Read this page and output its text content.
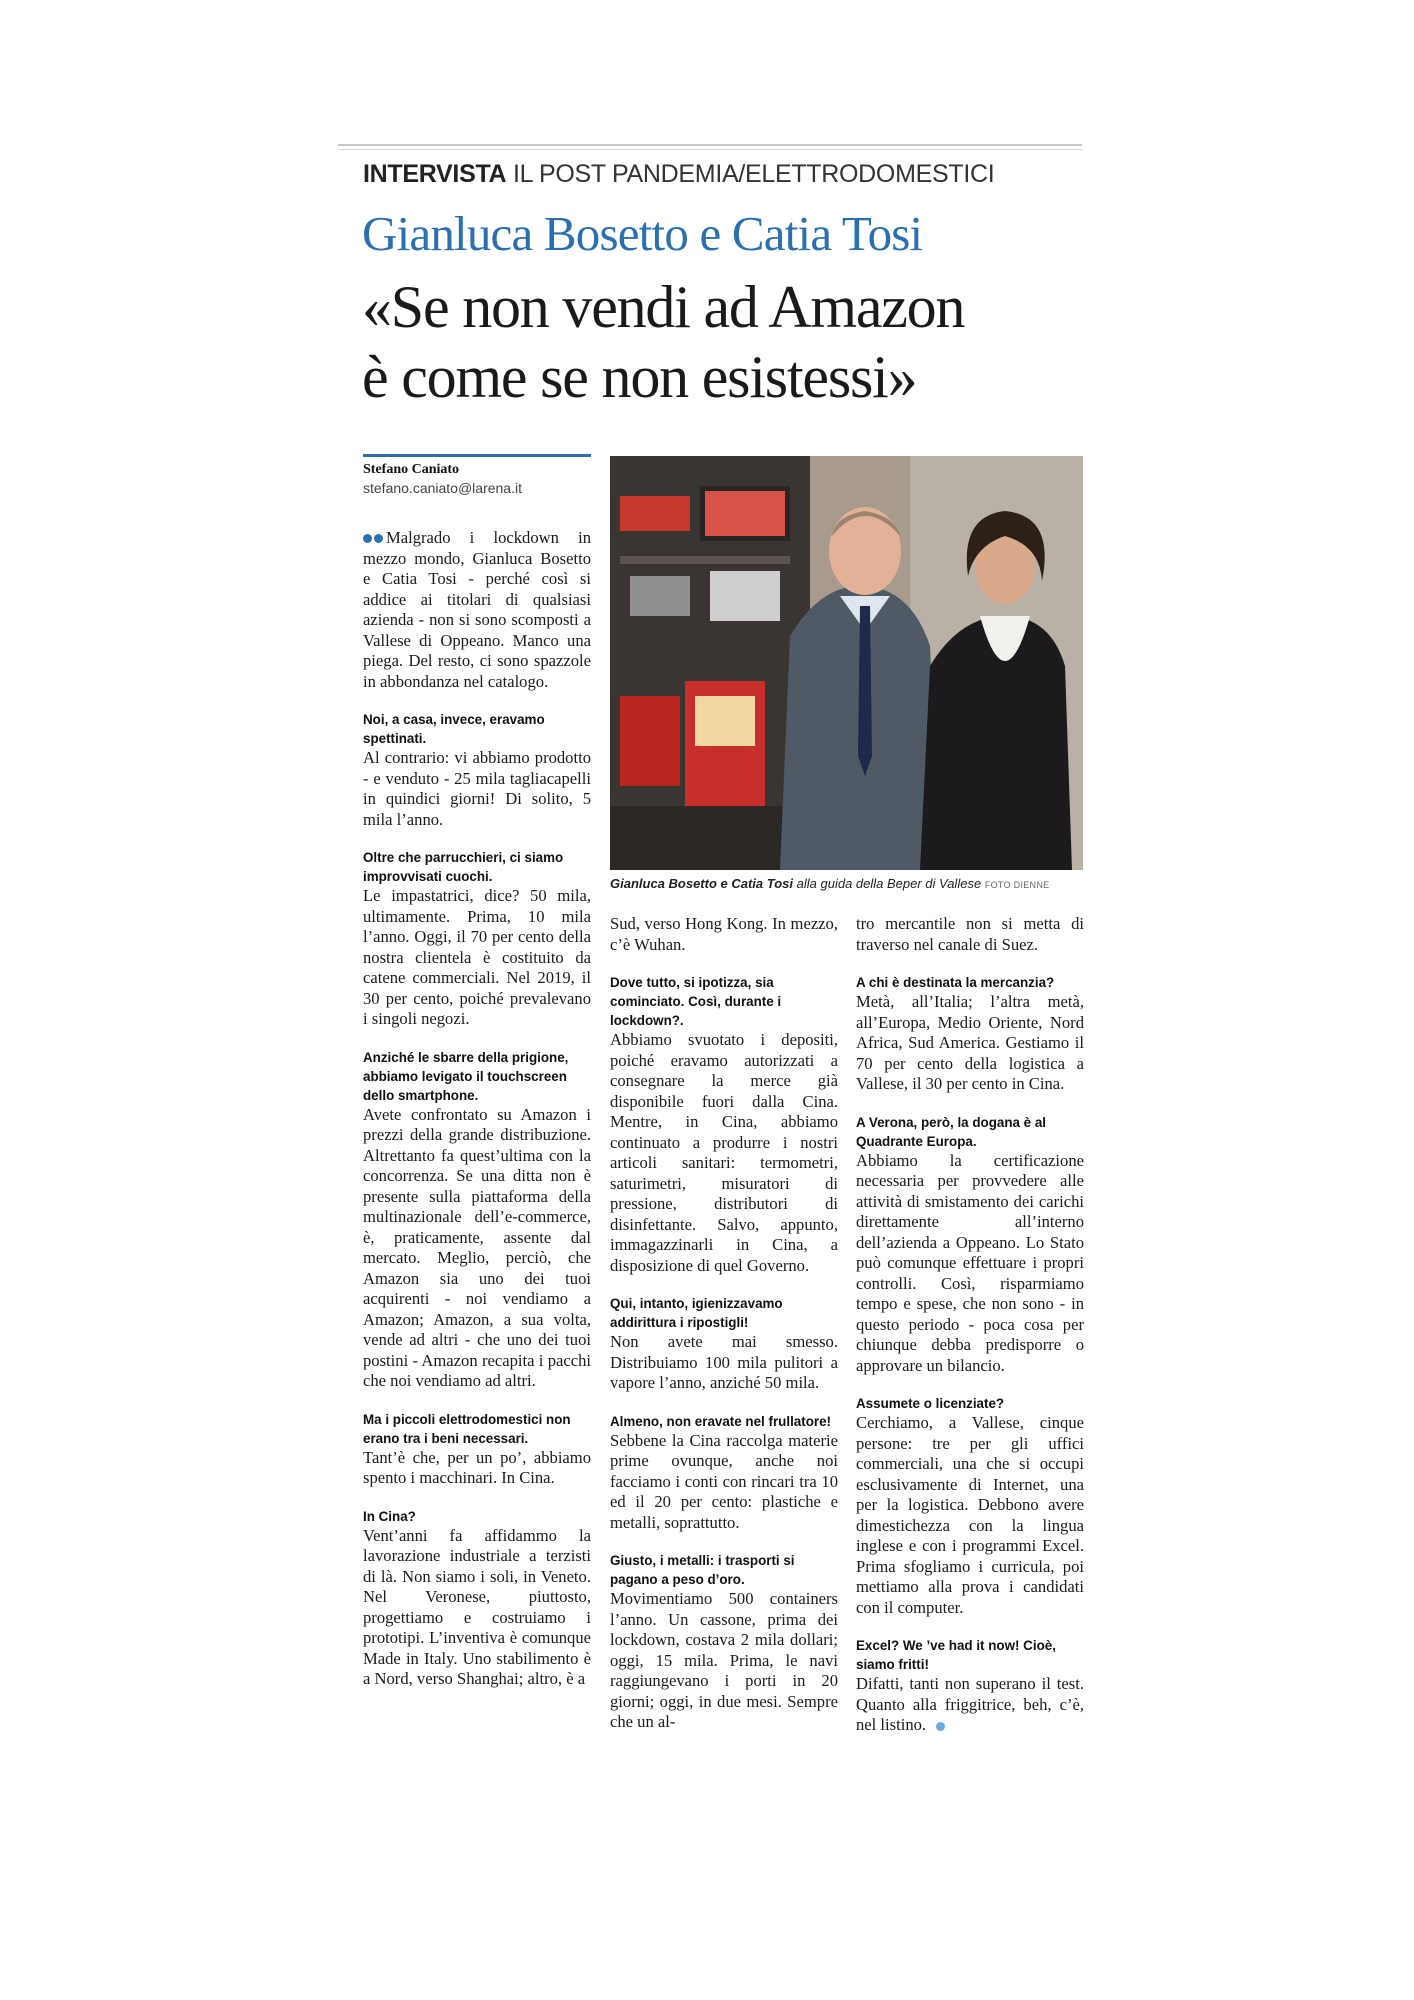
INTERVISTA IL POST PANDEMIA/ELETTRODOMESTICI
Gianluca Bosetto e Catia Tosi
«Se non vendi ad Amazon
è come se non esistessi»
Stefano Caniato
stefano.caniato@larena.it
Gianluca Bosetto e Catia Tosi alla guida della Beper di Vallese FOTO DIENNE

Malgrado i lockdown in mezzo mondo, Gianluca Bosetto e Catia Tosi - perché così si addice ai titolari di qualsiasi azienda - non si sono scomposti a Vallese di Oppeano. Manco una piega. Del resto, ci sono spazzole in abbondanza nel catalogo.

Noi, a casa, invece, eravamo spettinati.

Al contrario: vi abbiamo prodotto - e venduto - 25 mila tagliacapelli in quindici giorni! Di solito, 5 mila l’anno.

Oltre che parrucchieri, ci siamo improvvisati cuochi.

Le impastatrici, dice? 50 mila, ultimamente. Prima, 10 mila l’anno. Oggi, il 70 per cento della nostra clientela è costituito da catene commerciali. Nel 2019, il 30 per cento, poiché prevalevano i singoli negozi.

Anziché le sbarre della prigione, abbiamo levigato il touchscreen dello smartphone.

Avete confrontato su Amazon i prezzi della grande distribuzione. Altrettanto fa quest’ultima con la concorrenza. Se una ditta non è presente sulla piattaforma della multinazionale dell’e-commerce, è, praticamente, assente dal mercato. Meglio, perciò, che Amazon sia uno dei tuoi acquirenti - noi vendiamo a Amazon; Amazon, a sua volta, vende ad altri - che uno dei tuoi postini - Amazon recapita i pacchi che noi vendiamo ad altri.

Ma i piccoli elettrodomestici non erano tra i beni necessari.

Tant’è che, per un po’, abbiamo spento i macchinari. In Cina.

In Cina?

Vent’anni fa affidammo la lavorazione industriale a terzisti di là. Non siamo i soli, in Veneto. Nel Veronese, piuttosto, progettiamo e costruiamo i prototipi. L’inventiva è comunque Made in Italy. Uno stabilimento è a Nord, verso Shanghai; altro, è a

Sud, verso Hong Kong. In mezzo, c’è Wuhan.

Dove tutto, si ipotizza, sia cominciato. Così, durante i lockdown?.

Abbiamo svuotato i depositi, poiché eravamo autorizzati a consegnare la merce già disponibile fuori dalla Cina. Mentre, in Cina, abbiamo continuato a produrre i nostri articoli sanitari: termometri, saturimetri, misuratori di pressione, distributori di disinfettante. Salvo, appunto, immagazzinarli in Cina, a disposizione di quel Governo.

Qui, intanto, igienizzavamo addirittura i ripostigli!

Non avete mai smesso. Distribuiamo 100 mila pulitori a vapore l’anno, anziché 50 mila.

Almeno, non eravate nel frullatore!

Sebbene la Cina raccolga materie prime ovunque, anche noi facciamo i conti con rincari tra 10 ed il 20 per cento: plastiche e metalli, soprattutto.

Giusto, i metalli: i trasporti si pagano a peso d’oro.

Movimentiamo 500 containers l’anno. Un cassone, prima dei lockdown, costava 2 mila dollari; oggi, 15 mila. Prima, le navi raggiungevano i porti in 20 giorni; oggi, in due mesi. Sempre che un al-

tro mercantile non si metta di traverso nel canale di Suez.

A chi è destinata la mercanzia?

Metà, all’Italia; l’altra metà, all’Europa, Medio Oriente, Nord Africa, Sud America. Gestiamo il 70 per cento della logistica a Vallese, il 30 per cento in Cina.

A Verona, però, la dogana è al Quadrante Europa.

Abbiamo la certificazione necessaria per provvedere alle attività di smistamento dei carichi direttamente all’interno dell’azienda a Oppeano. Lo Stato può comunque effettuare i propri controlli. Così, risparmiamo tempo e spese, che non sono - in questo periodo - poca cosa per chiunque debba predisporre o approvare un bilancio.

Assumete o licenziate?

Cerchiamo, a Vallese, cinque persone: tre per gli uffici commerciali, una che si occupi esclusivamente di Internet, una per la logistica. Debbono avere dimestichezza con la lingua inglese e con i programmi Excel. Prima sfogliamo i curricula, poi mettiamo alla prova i candidati con il computer.

Excel? We ’ve had it now! Cioè, siamo fritti!

Difatti, tanti non superano il test. Quanto alla friggitrice, beh, c’è, nel listino.
